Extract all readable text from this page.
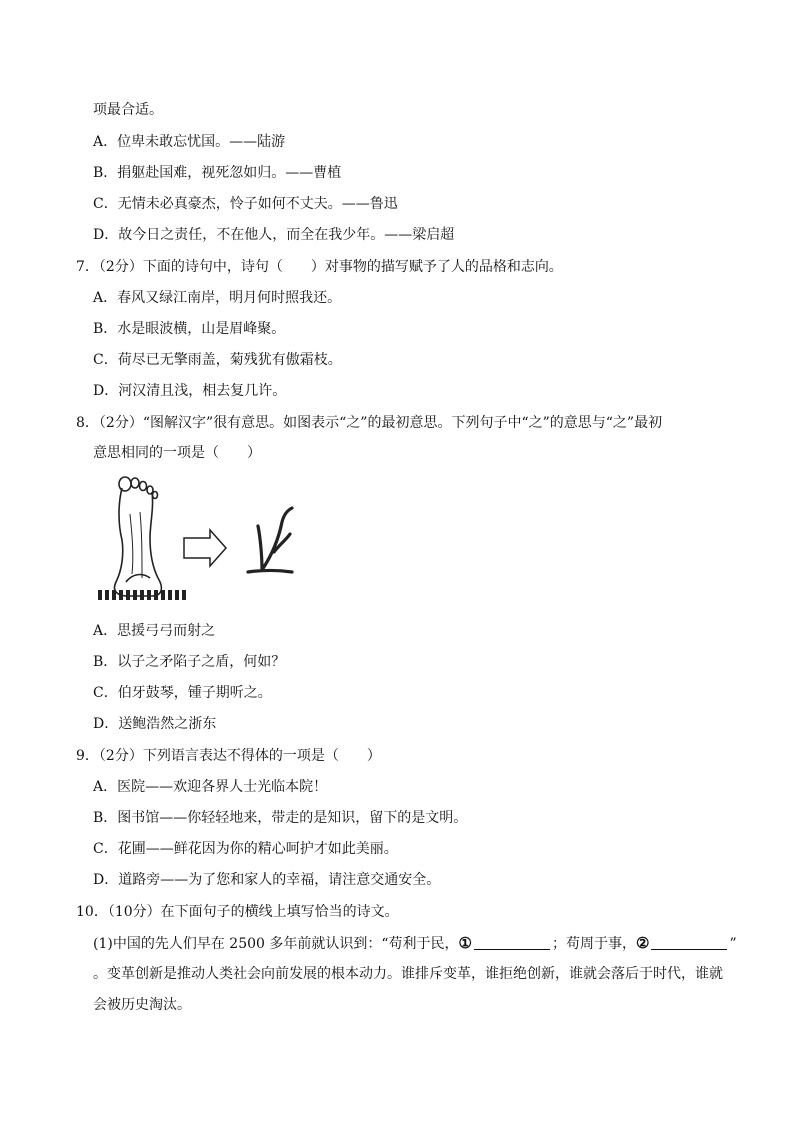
项最合适。
A．位卑未敢忘忧国。——陆游
B．捐躯赴国难，视死忽如归。——曹植
C．无情未必真豪杰，怜子如何不丈夫。——鲁迅
D．故今日之责任，不在他人，而全在我少年。——梁启超
7．（2分）下面的诗句中，诗句（　　）对事物的描写赋予了人的品格和志向。
A．春风又绿江南岸，明月何时照我还。
B．水是眼波横，山是眉峰聚。
C．荷尽已无擎雨盖，菊残犹有傲霜枝。
D．河汉清且浅，相去复几许。
8．（2分）“图解汉字”很有意思。如图表示“之”的最初意思。下列句子中“之”的意思与“之”最初
意思相同的一项是（　　）
A．思援弓弓而射之
B．以子之矛陷子之盾，何如？
C．伯牙鼓琴，锺子期听之。
D．送鲍浩然之浙东
9．（2分）下列语言表达不得体的一项是（　　）
A．医院——欢迎各界人士光临本院！
B．图书馆——你轻轻地来，带走的是知识，留下的是文明。
C．花圃——鲜花因为你的精心呵护才如此美丽。
D．道路旁——为了您和家人的幸福，请注意交通安全。
10．（10分）在下面句子的横线上填写恰当的诗文。
(1)中国的先人们早在 2500 多年前就认识到：“苟利于民，①	；苟周于事，②	”
。变革创新是推动人类社会向前发展的根本动力。谁排斥变革，谁拒绝创新，谁就会落后于时代，谁就
会被历史淘汰。
